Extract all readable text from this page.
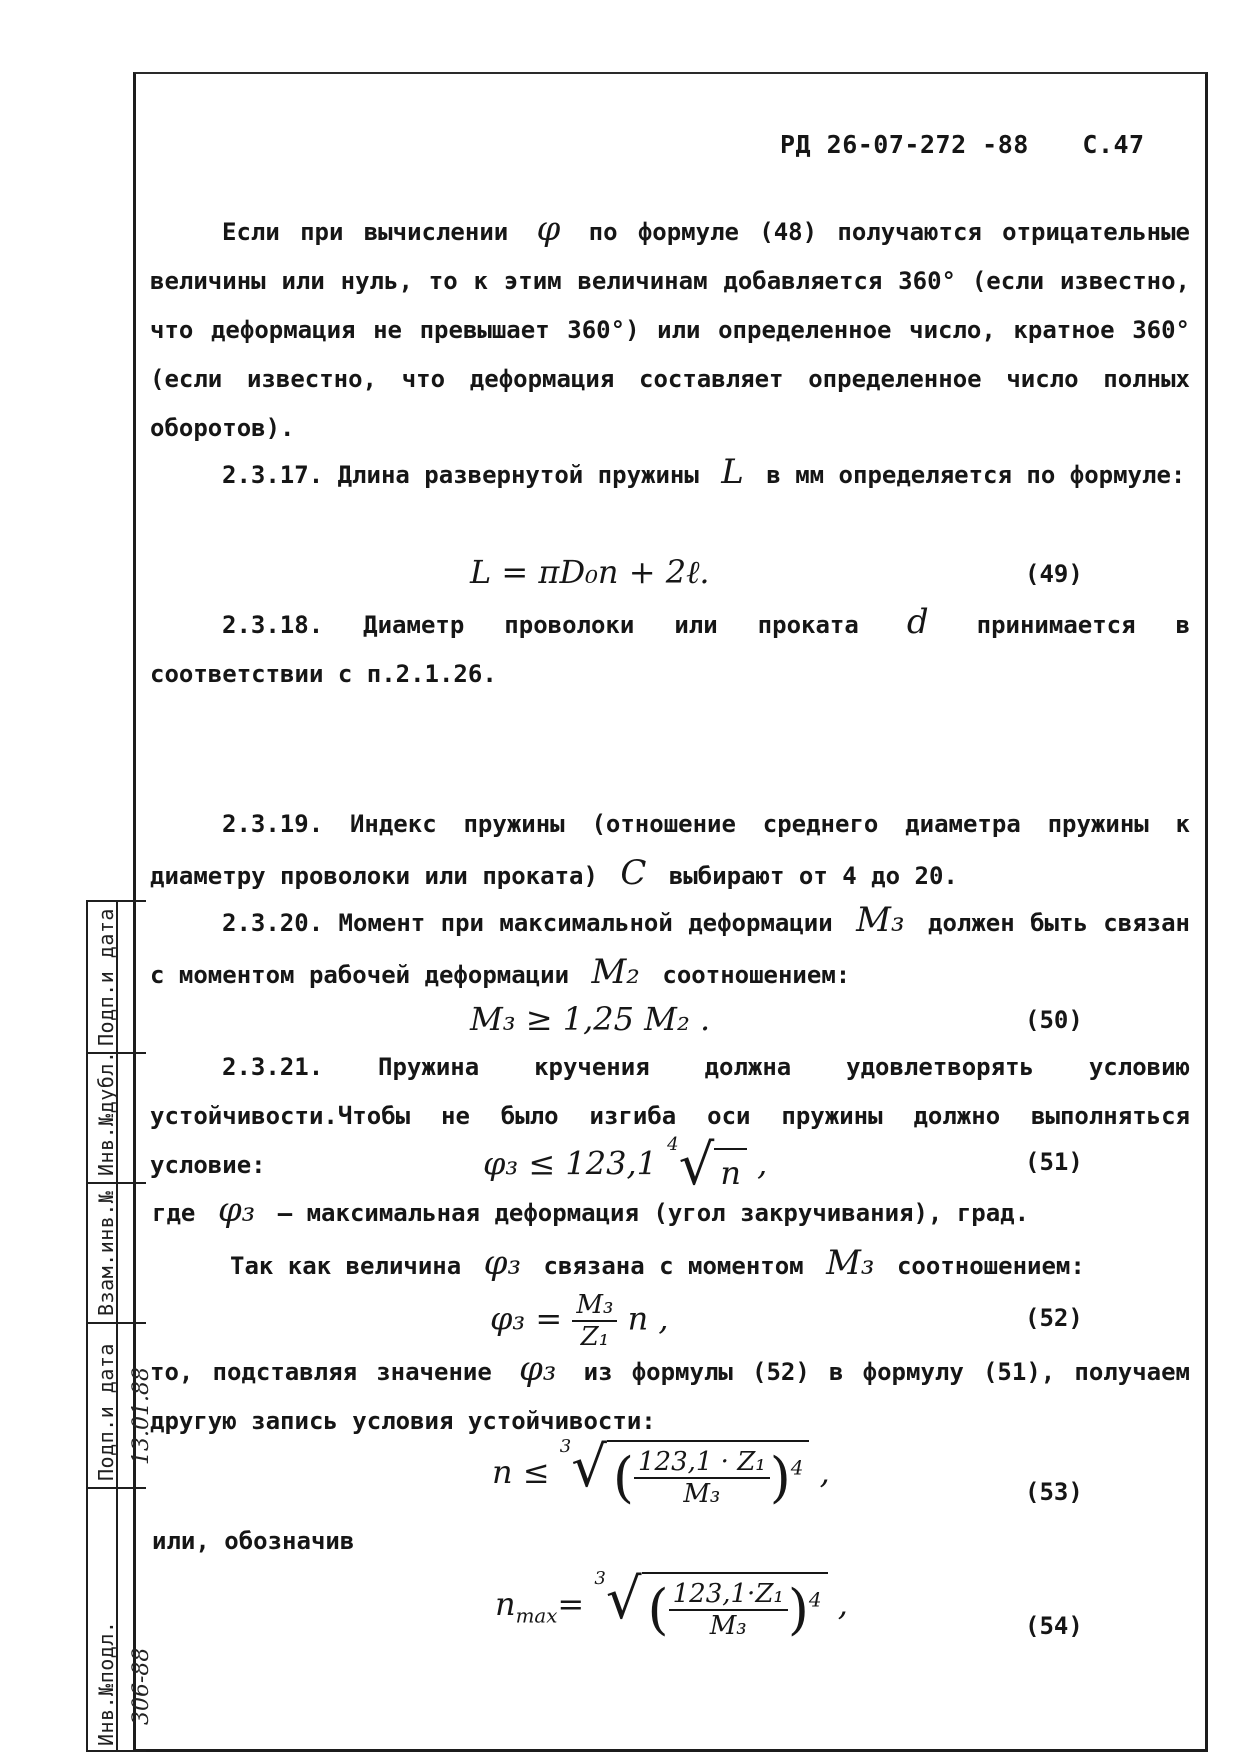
РД 26-07-272 -88 С.47

Если при вычислении φ по формуле (48) получаются отрицательные величины или нуль, то к этим величинам добавляется 360° (если известно, что деформация не превышает 360°) или определенное число, кратное 360° (если известно, что деформация составляет определенное число полных оборотов).

2.3.17. Длина развернутой пружины L в мм определяется по формуле:

L = πD₀n + 2ℓ.	(49)

2.3.18. Диаметр проволоки или проката d принимается в соответствии с п.2.1.26.

2.3.19. Индекс пружины (отношение среднего диаметра пружины к диаметру проволоки или проката) C выбирают от 4 до 20.

2.3.20. Момент при максимальной деформации M₃ должен быть связан с моментом рабочей деформации M₂ соотношением:

M₃ ≥ 1,25 M₂ .	(50)

2.3.21. Пружина кручения должна удовлетворять условию устойчивости.Чтобы не было изгиба оси пружины должно выполняться условие:	φ₃ ≤ 123,1 $^4$√ n ,	(51)
где φ₃ — максимальная деформация (угол закручивания), град.
Так как величина φ₃ связана с моментом M₃ соотношением:
$\varphi_3 = \frac{\text{M₃}}{\text{Z₁}}$ n ,	(52)

то, подставляя значение φ₃ из формулы (52) в формулу (51), получаем другую запись условия устойчивости:

n ≤ $^3$√ ( $\frac{\text{123,1 · Z₁}}{\text{M₃}} )^4$ ,
(53)
или, обозначив
$n_{max}= ^3√$ ( $\frac{\text{123,1·Z₁}}{\text{M₃}} )^4$ ,
(54)
Подп.и дата
Инв.№дубл.
Взам.инв.№
Подп.и дата
Инв.№подл. 306-88
13.01.88
